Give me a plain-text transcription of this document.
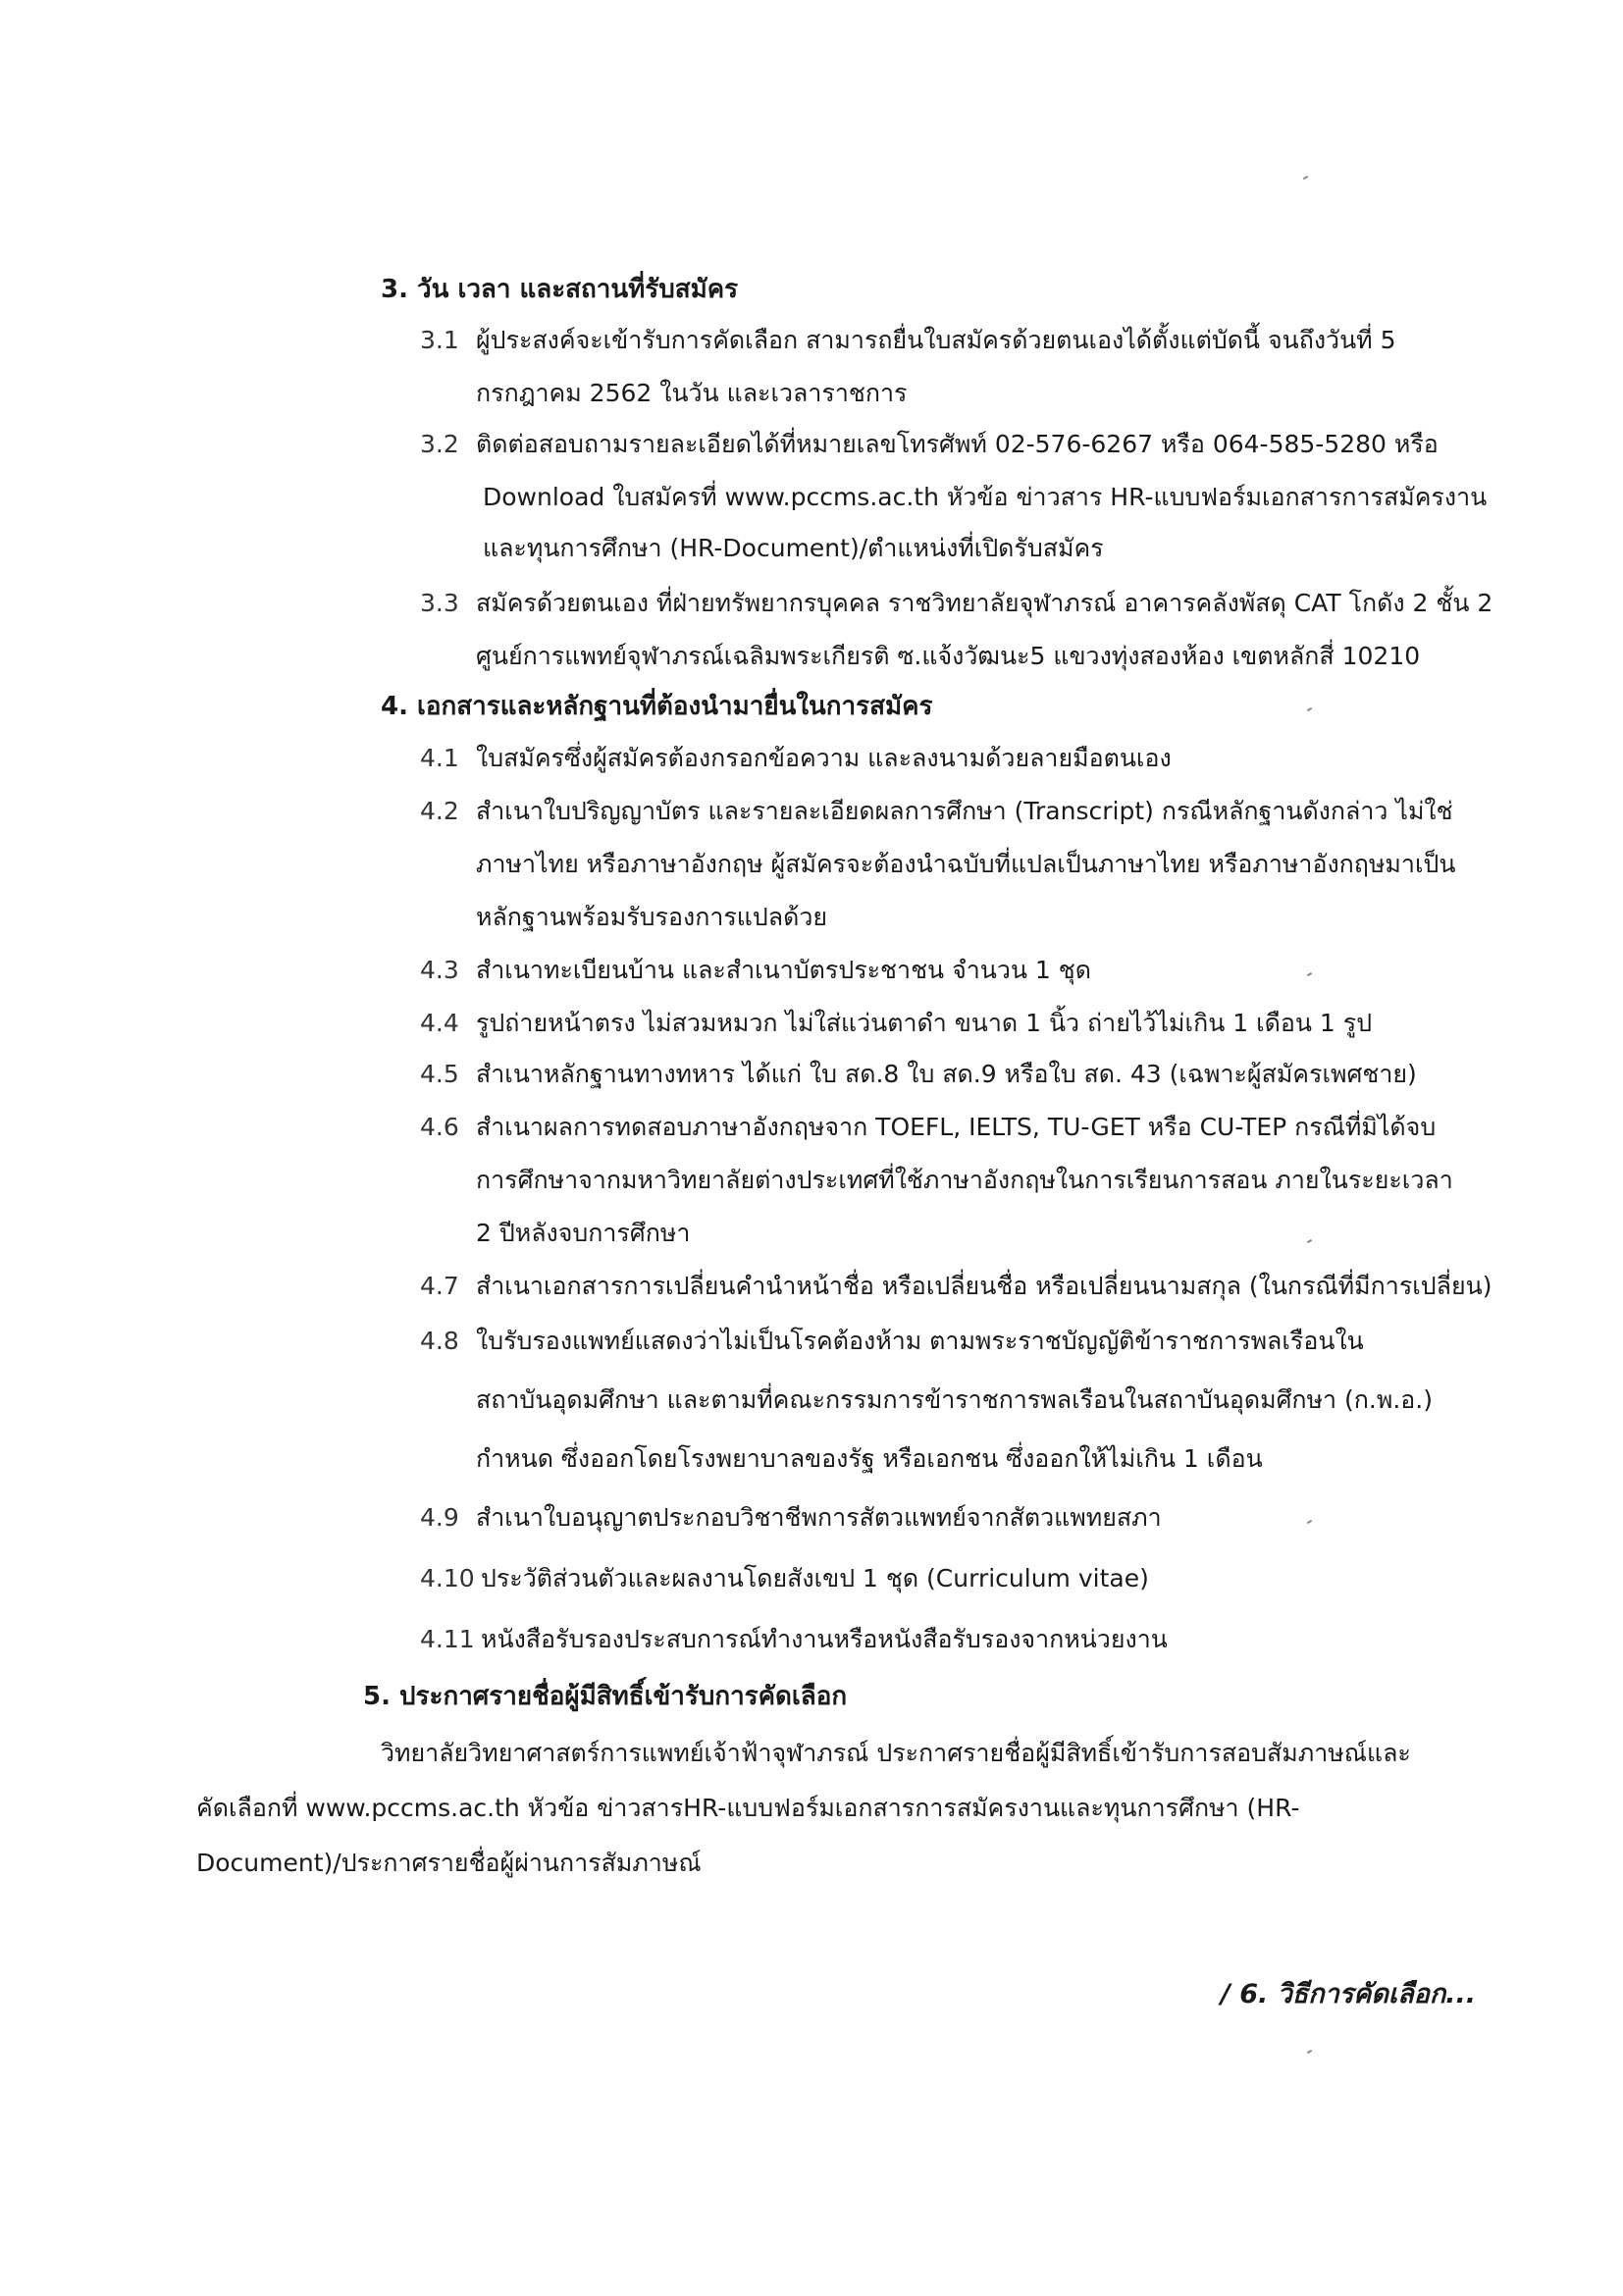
3. วัน เวลา และสถานที่รับสมัคร
3.1 ผู้ประสงค์จะเข้ารับการคัดเลือก สามารถยื่นใบสมัครด้วยตนเองได้ตั้งแต่บัดนี้ จนถึงวันที่ 5
กรกฎาคม 2562 ในวัน และเวลาราชการ
3.2 ติดต่อสอบถามรายละเอียดได้ที่หมายเลขโทรศัพท์ 02-576-6267 หรือ 064-585-5280 หรือ
Download ใบสมัครที่ www.pccms.ac.th หัวข้อ ข่าวสาร HR-แบบฟอร์มเอกสารการสมัครงาน
และทุนการศึกษา (HR-Document)/ตำแหน่งที่เปิดรับสมัคร
3.3 สมัครด้วยตนเอง ที่ฝ่ายทรัพยากรบุคคล ราชวิทยาลัยจุฬาภรณ์ อาคารคลังพัสดุ CAT โกดัง 2 ชั้น 2
ศูนย์การแพทย์จุฬาภรณ์เฉลิมพระเกียรติ ซ.แจ้งวัฒนะ5 แขวงทุ่งสองห้อง เขตหลักสี่ 10210
4. เอกสารและหลักฐานที่ต้องนำมายื่นในการสมัคร
4.1 ใบสมัครซึ่งผู้สมัครต้องกรอกข้อความ และลงนามด้วยลายมือตนเอง
4.2 สำเนาใบปริญญาบัตร และรายละเอียดผลการศึกษา (Transcript) กรณีหลักฐานดังกล่าว ไม่ใช่
ภาษาไทย หรือภาษาอังกฤษ ผู้สมัครจะต้องนำฉบับที่แปลเป็นภาษาไทย หรือภาษาอังกฤษมาเป็น
หลักฐานพร้อมรับรองการแปลด้วย
4.3 สำเนาทะเบียนบ้าน และสำเนาบัตรประชาชน จำนวน 1 ชุด
4.4 รูปถ่ายหน้าตรง ไม่สวมหมวก ไม่ใส่แว่นตาดำ ขนาด 1 นิ้ว ถ่ายไว้ไม่เกิน 1 เดือน 1 รูป
4.5 สำเนาหลักฐานทางทหาร ได้แก่ ใบ สด.8 ใบ สด.9 หรือใบ สด. 43 (เฉพาะผู้สมัครเพศชาย)
4.6 สำเนาผลการทดสอบภาษาอังกฤษจาก TOEFL, IELTS, TU-GET หรือ CU-TEP กรณีที่มิได้จบ
การศึกษาจากมหาวิทยาลัยต่างประเทศที่ใช้ภาษาอังกฤษในการเรียนการสอน ภายในระยะเวลา
2 ปีหลังจบการศึกษา
4.7 สำเนาเอกสารการเปลี่ยนคำนำหน้าชื่อ หรือเปลี่ยนชื่อ หรือเปลี่ยนนามสกุล (ในกรณีที่มีการเปลี่ยน)
4.8 ใบรับรองแพทย์แสดงว่าไม่เป็นโรคต้องห้าม ตามพระราชบัญญัติข้าราชการพลเรือนใน
สถาบันอุดมศึกษา และตามที่คณะกรรมการข้าราชการพลเรือนในสถาบันอุดมศึกษา (ก.พ.อ.)
กำหนด ซึ่งออกโดยโรงพยาบาลของรัฐ หรือเอกชน ซึ่งออกให้ไม่เกิน 1 เดือน
4.9 สำเนาใบอนุญาตประกอบวิชาชีพการสัตวแพทย์จากสัตวแพทยสภา
4.10 ประวัติส่วนตัวและผลงานโดยสังเขป 1 ชุด (Curriculum vitae)
4.11 หนังสือรับรองประสบการณ์ทำงานหรือหนังสือรับรองจากหน่วยงาน
5. ประกาศรายชื่อผู้มีสิทธิ์เข้ารับการคัดเลือก
วิทยาลัยวิทยาศาสตร์การแพทย์เจ้าฟ้าจุฬาภรณ์ ประกาศรายชื่อผู้มีสิทธิ์เข้ารับการสอบสัมภาษณ์และ
คัดเลือกที่ www.pccms.ac.th หัวข้อ ข่าวสารHR-แบบฟอร์มเอกสารการสมัครงานและทุนการศึกษา (HR-
Document)/ประกาศรายชื่อผู้ผ่านการสัมภาษณ์
/ 6. วิธีการคัดเลือก...
